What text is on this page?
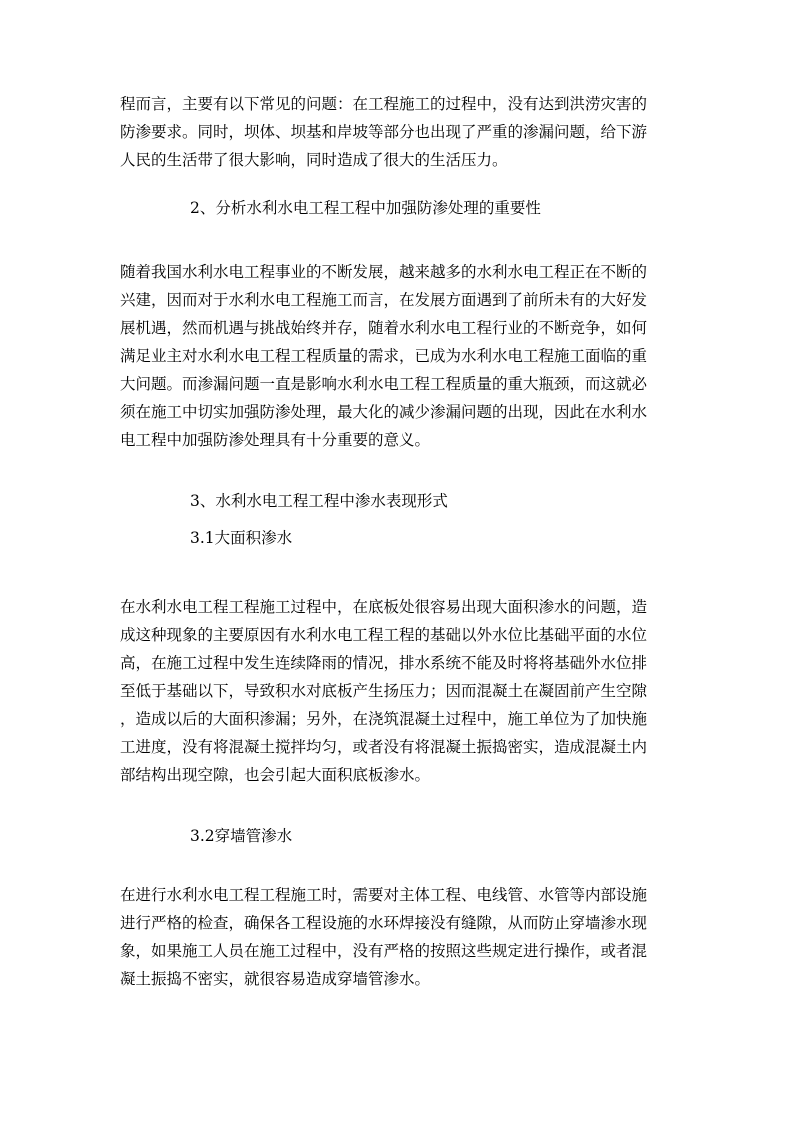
程而言，主要有以下常见的问题：在工程施工的过程中，没有达到洪涝灾害的
防渗要求。同时，坝体、坝基和岸坡等部分也出现了严重的渗漏问题，给下游
人民的生活带了很大影响，同时造成了很大的生活压力。
2、分析水利水电工程工程中加强防渗处理的重要性
随着我国水利水电工程事业的不断发展，越来越多的水利水电工程正在不断的
兴建，因而对于水利水电工程施工而言，在发展方面遇到了前所未有的大好发
展机遇，然而机遇与挑战始终并存，随着水利水电工程行业的不断竞争，如何
满足业主对水利水电工程工程质量的需求，已成为水利水电工程施工面临的重
大问题。而渗漏问题一直是影响水利水电工程工程质量的重大瓶颈，而这就必
须在施工中切实加强防渗处理，最大化的减少渗漏问题的出现，因此在水利水
电工程中加强防渗处理具有十分重要的意义。
3、水利水电工程工程中渗水表现形式
3.1大面积渗水
在水利水电工程工程施工过程中，在底板处很容易出现大面积渗水的问题，造
成这种现象的主要原因有水利水电工程工程的基础以外水位比基础平面的水位
高，在施工过程中发生连续降雨的情况，排水系统不能及时将将基础外水位排
至低于基础以下，导致积水对底板产生扬压力；因而混凝土在凝固前产生空隙
，造成以后的大面积渗漏；另外，在浇筑混凝土过程中，施工单位为了加快施
工进度，没有将混凝土搅拌均匀，或者没有将混凝土振捣密实，造成混凝土内
部结构出现空隙，也会引起大面积底板渗水。
3.2穿墙管渗水
在进行水利水电工程工程施工时，需要对主体工程、电线管、水管等内部设施
进行严格的检查，确保各工程设施的水环焊接没有缝隙，从而防止穿墙渗水现
象，如果施工人员在施工过程中，没有严格的按照这些规定进行操作，或者混
凝土振捣不密实，就很容易造成穿墙管渗水。
